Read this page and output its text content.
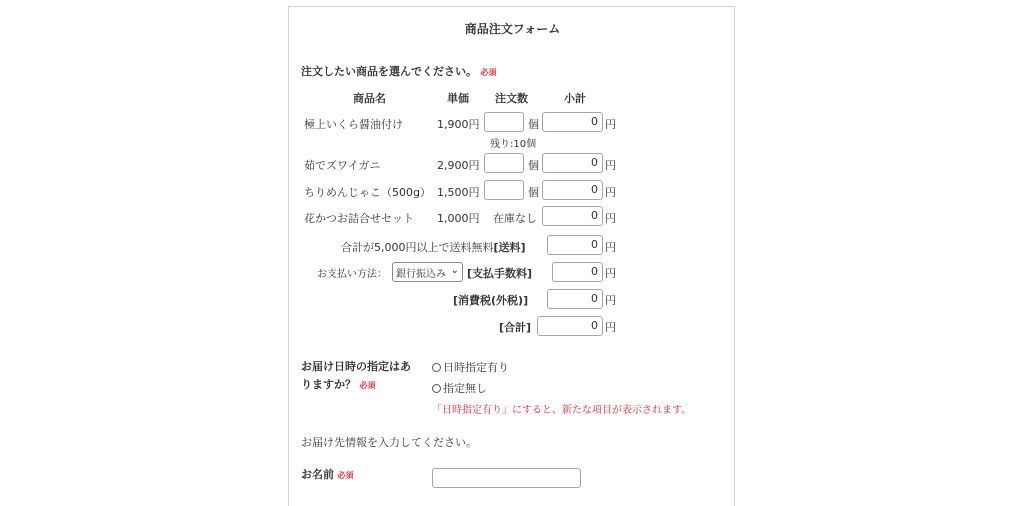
商品注文フォーム
注文したい商品を選んでください。 必須
商品名	単価 注文数	小計
極上いくら醤油付け	1,900円	個	0 円
残り:10個
茹でズワイガニ	2,900円	個	0 円
ちりめんじゃこ（500g） 1,500円	個	0 円
花かつお詰合せセット 1,000円 在庫なし	0 円
合計が5,000円以上で送料無料[送料]	0 円
お支払い方法： 銀行振込み ⌄ [支払手数料]	0 円
[消費税(外税)]	0 円
[合計]	0 円
お届け日時の指定はあ
りますか？ 必須
日時指定有り
指定無し
「日時指定有り」にすると、新たな項目が表示されます。
お届け先情報を入力してください。
お名前 必須
